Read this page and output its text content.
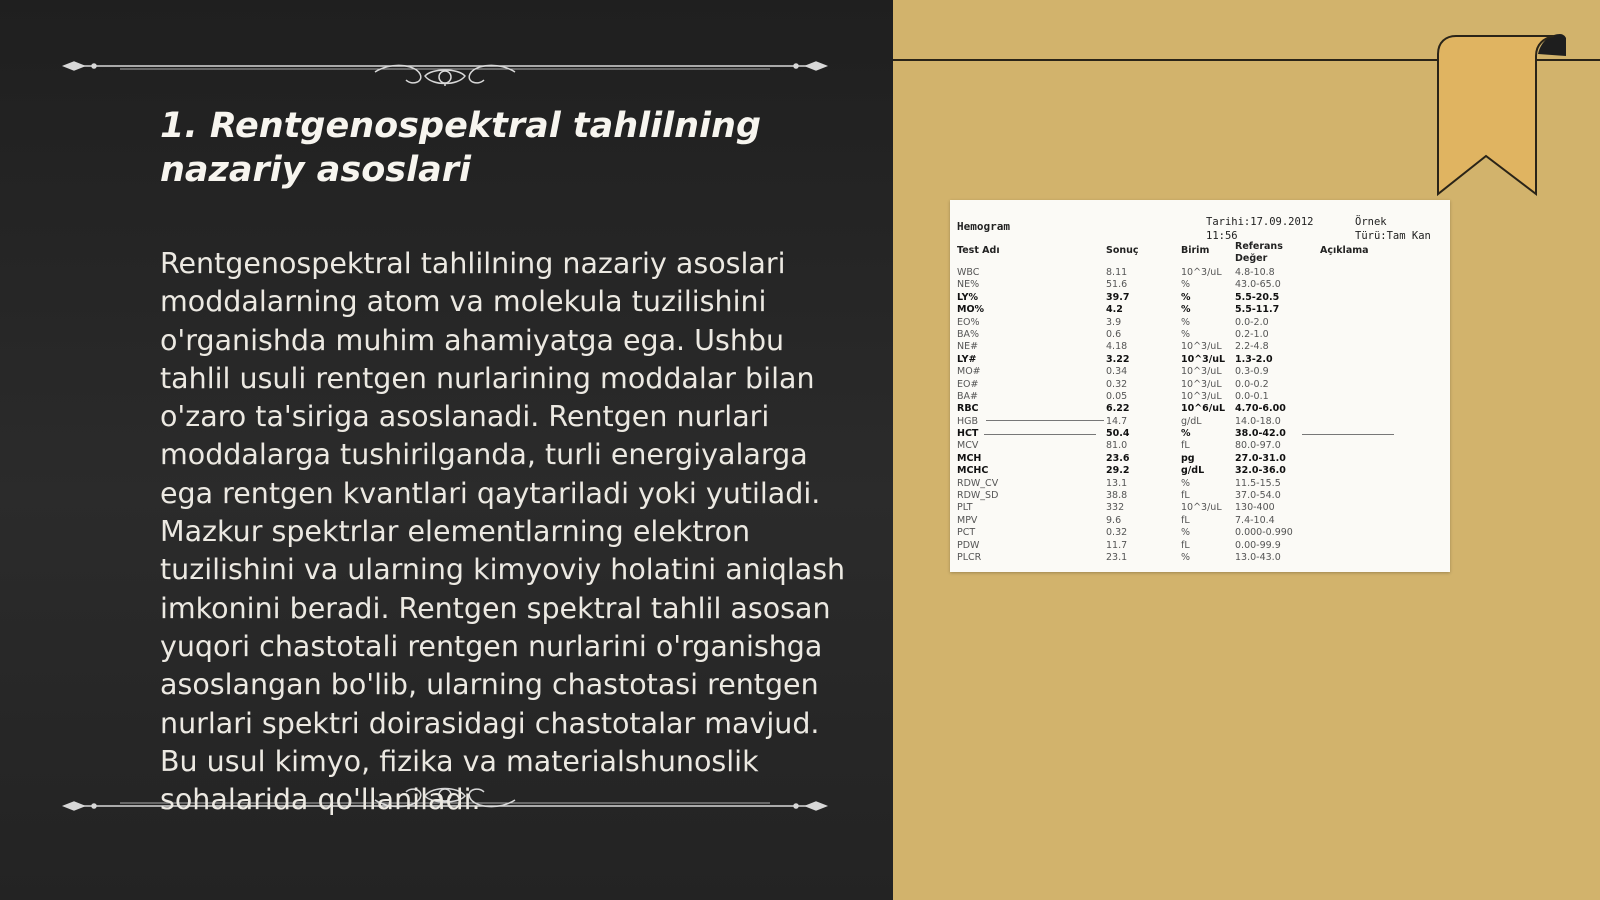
1. Rentgenospektral tahlilning nazariy asoslari

Rentgenospektral tahlilning nazariy asoslari moddalarning atom va molekula tuzilishini o'rganishda muhim ahamiyatga ega. Ushbu tahlil usuli rentgen nurlarining moddalar bilan o'zaro ta'siriga asoslanadi. Rentgen nurlari moddalarga tushirilganda, turli energiyalarga ega rentgen kvantlari qaytariladi yoki yutiladi. Mazkur spektrlar elementlarning elektron tuzilishini va ularning kimyoviy holatini aniqlash imkonini beradi. Rentgen spektral tahlil asosan yuqori chastotali rentgen nurlarini o'rganishga asoslangan bo'lib, ularning chastotasi rentgen nurlari spektri doirasidagi chastotalar mavjud. Bu usul kimyo, fizika va materialshunoslik sohalarida qo'llaniladi.

Hemogram	Tarihi:17.09.2012
11:56
Örnek
Türü:Tam Kan
Test Adı	Sonuç	Birim	Referans
Değer
Açıklama
WBC	8.11	10^3/uL 4.8-10.8
NE%	51.6	%	43.0-65.0
LY%	39.7	%	5.5-20.5
MO%	4.2	%	5.5-11.7
EO%	3.9	%	0.0-2.0
BA%	0.6	%	0.2-1.0
NE#	4.18	10^3/uL 2.2-4.8
LY#	3.22	10^3/uL 1.3-2.0
MO#	0.34	10^3/uL 0.3-0.9
EO#	0.32	10^3/uL 0.0-0.2
BA#	0.05	10^3/uL 0.0-0.1
RBC	6.22	10^6/uL 4.70-6.00
HGB	14.7	g/dL	14.0-18.0
HCT	50.4	%	38.0-42.0
MCV	81.0	fL	80.0-97.0
MCH	23.6	pg	27.0-31.0
MCHC	29.2	g/dL	32.0-36.0
RDW_CV	13.1	%	11.5-15.5
RDW_SD	38.8	fL	37.0-54.0
PLT	332	10^3/uL 130-400
MPV	9.6	fL	7.4-10.4
PCT	0.32	%	0.000-0.990
PDW	11.7	fL	0.00-99.9
PLCR	23.1	%	13.0-43.0
